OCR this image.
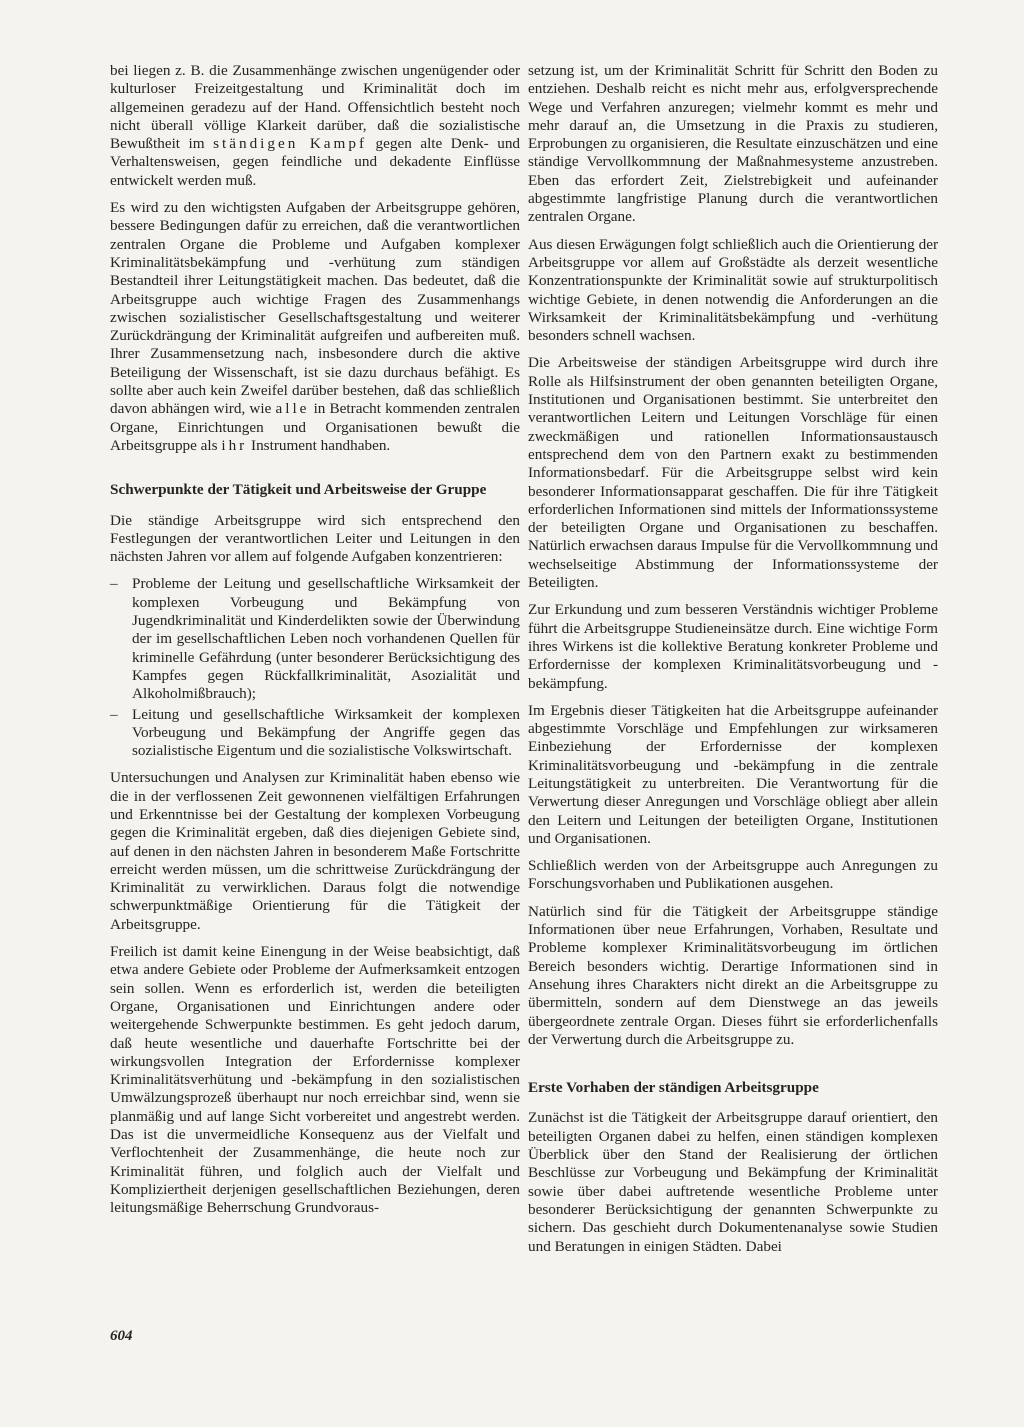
bei liegen z. B. die Zusammenhänge zwischen ungenügender oder kulturloser Freizeitgestaltung und Kriminalität doch im allgemeinen geradezu auf der Hand. Offensichtlich besteht noch nicht überall völlige Klarkeit darüber, daß die sozialistische Bewußtheit im ständigen Kampf gegen alte Denk- und Verhaltensweisen, gegen feindliche und dekadente Einflüsse entwickelt werden muß.

Es wird zu den wichtigsten Aufgaben der Arbeitsgruppe gehören, bessere Bedingungen dafür zu erreichen, daß die verantwortlichen zentralen Organe die Probleme und Aufgaben komplexer Kriminalitätsbekämpfung und -verhütung zum ständigen Bestandteil ihrer Leitungstätigkeit machen. Das bedeutet, daß die Arbeitsgruppe auch wichtige Fragen des Zusammenhangs zwischen sozialistischer Gesellschaftsgestaltung und weiterer Zurückdrängung der Kriminalität aufgreifen und aufbereiten muß. Ihrer Zusammensetzung nach, insbesondere durch die aktive Beteiligung der Wissenschaft, ist sie dazu durchaus befähigt. Es sollte aber auch kein Zweifel darüber bestehen, daß das schließlich davon abhängen wird, wie alle in Betracht kommenden zentralen Organe, Einrichtungen und Organisationen bewußt die Arbeitsgruppe als ihr Instrument handhaben.

Schwerpunkte der Tätigkeit und Arbeitsweise der Gruppe

Die ständige Arbeitsgruppe wird sich entsprechend den Festlegungen der verantwortlichen Leiter und Leitungen in den nächsten Jahren vor allem auf folgende Aufgaben konzentrieren:

– Probleme der Leitung und gesellschaftliche Wirksamkeit der komplexen Vorbeugung und Bekämpfung von Jugendkriminalität und Kinderdelikten sowie der Überwindung der im gesellschaftlichen Leben noch vorhandenen Quellen für kriminelle Gefährdung (unter besonderer Berücksichtigung des Kampfes gegen Rückfallkriminalität, Asozialität und Alkoholmißbrauch);
– Leitung und gesellschaftliche Wirksamkeit der komplexen Vorbeugung und Bekämpfung der Angriffe gegen das sozialistische Eigentum und die sozialistische Volkswirtschaft.

Untersuchungen und Analysen zur Kriminalität haben ebenso wie die in der verflossenen Zeit gewonnenen vielfältigen Erfahrungen und Erkenntnisse bei der Gestaltung der komplexen Vorbeugung gegen die Kriminalität ergeben, daß dies diejenigen Gebiete sind, auf denen in den nächsten Jahren in besonderem Maße Fortschritte erreicht werden müssen, um die schrittweise Zurückdrängung der Kriminalität zu verwirklichen. Daraus folgt die notwendige schwerpunktmäßige Orientierung für die Tätigkeit der Arbeitsgruppe.

Freilich ist damit keine Einengung in der Weise beabsichtigt, daß etwa andere Gebiete oder Probleme der Aufmerksamkeit entzogen sein sollen. Wenn es erforderlich ist, werden die beteiligten Organe, Organisationen und Einrichtungen andere oder weitergehende Schwerpunkte bestimmen. Es geht jedoch darum, daß heute wesentliche und dauerhafte Fortschritte bei der wirkungsvollen Integration der Erfordernisse komplexer Kriminalitätsverhütung und -bekämpfung in den sozialistischen Umwälzungsprozeß überhaupt nur noch erreichbar sind, wenn sie planmäßig und auf lange Sicht vorbereitet und angestrebt werden. Das ist die unvermeidliche Konsequenz aus der Vielfalt und Verflochtenheit der Zusammenhänge, die heute noch zur Kriminalität führen, und folglich auch der Vielfalt und Kompliziertheit derjenigen gesellschaftlichen Beziehungen, deren leitungsmäßige Beherrschung Grundvoraus-

setzung ist, um der Kriminalität Schritt für Schritt den Boden zu entziehen. Deshalb reicht es nicht mehr aus, erfolgversprechende Wege und Verfahren anzuregen; vielmehr kommt es mehr und mehr darauf an, die Umsetzung in die Praxis zu studieren, Erprobungen zu organisieren, die Resultate einzuschätzen und eine ständige Vervollkommnung der Maßnahmesysteme anzustreben. Eben das erfordert Zeit, Zielstrebigkeit und aufeinander abgestimmte langfristige Planung durch die verantwortlichen zentralen Organe.

Aus diesen Erwägungen folgt schließlich auch die Orientierung der Arbeitsgruppe vor allem auf Großstädte als derzeit wesentliche Konzentrationspunkte der Kriminalität sowie auf strukturpolitisch wichtige Gebiete, in denen notwendig die Anforderungen an die Wirksamkeit der Kriminalitätsbekämpfung und -verhütung besonders schnell wachsen.

Die Arbeitsweise der ständigen Arbeitsgruppe wird durch ihre Rolle als Hilfsinstrument der oben genannten beteiligten Organe, Institutionen und Organisationen bestimmt. Sie unterbreitet den verantwortlichen Leitern und Leitungen Vorschläge für einen zweckmäßigen und rationellen Informationsaustausch entsprechend dem von den Partnern exakt zu bestimmenden Informationsbedarf. Für die Arbeitsgruppe selbst wird kein besonderer Informationsapparat geschaffen. Die für ihre Tätigkeit erforderlichen Informationen sind mittels der Informationssysteme der beteiligten Organe und Organisationen zu beschaffen. Natürlich erwachsen daraus Impulse für die Vervollkommnung und wechselseitige Abstimmung der Informationssysteme der Beteiligten.

Zur Erkundung und zum besseren Verständnis wichtiger Probleme führt die Arbeitsgruppe Studieneinsätze durch. Eine wichtige Form ihres Wirkens ist die kollektive Beratung konkreter Probleme und Erfordernisse der komplexen Kriminalitätsvorbeugung und -bekämpfung.

Im Ergebnis dieser Tätigkeiten hat die Arbeitsgruppe aufeinander abgestimmte Vorschläge und Empfehlungen zur wirksameren Einbeziehung der Erfordernisse der komplexen Kriminalitätsvorbeugung und -bekämpfung in die zentrale Leitungstätigkeit zu unterbreiten. Die Verantwortung für die Verwertung dieser Anregungen und Vorschläge obliegt aber allein den Leitern und Leitungen der beteiligten Organe, Institutionen und Organisationen.

Schließlich werden von der Arbeitsgruppe auch Anregungen zu Forschungsvorhaben und Publikationen ausgehen.

Natürlich sind für die Tätigkeit der Arbeitsgruppe ständige Informationen über neue Erfahrungen, Vorhaben, Resultate und Probleme komplexer Kriminalitätsvorbeugung im örtlichen Bereich besonders wichtig. Derartige Informationen sind in Ansehung ihres Charakters nicht direkt an die Arbeitsgruppe zu übermitteln, sondern auf dem Dienstwege an das jeweils übergeordnete zentrale Organ. Dieses führt sie erforderlichenfalls der Verwertung durch die Arbeitsgruppe zu.

Erste Vorhaben der ständigen Arbeitsgruppe

Zunächst ist die Tätigkeit der Arbeitsgruppe darauf orientiert, den beteiligten Organen dabei zu helfen, einen ständigen komplexen Überblick über den Stand der Realisierung der örtlichen Beschlüsse zur Vorbeugung und Bekämpfung der Kriminalität sowie über dabei auftretende wesentliche Probleme unter besonderer Berücksichtigung der genannten Schwerpunkte zu sichern. Das geschieht durch Dokumentenanalyse sowie Studien und Beratungen in einigen Städten. Dabei

604
